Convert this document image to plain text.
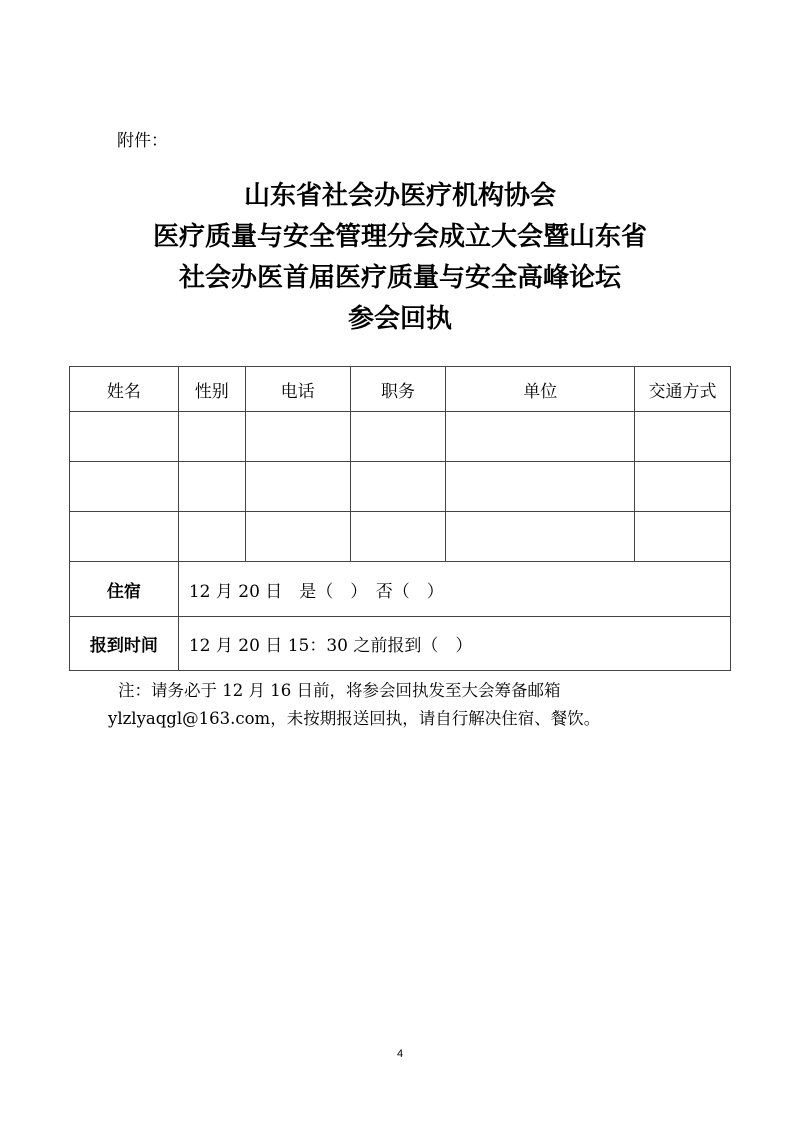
附件：
山东省社会办医疗机构协会
医疗质量与安全管理分会成立大会暨山东省
社会办医首届医疗质量与安全高峰论坛
参会回执
姓名	性别	电话	职务	单位	交通方式

住宿	12 月 20 日　是（　）　否（　）				
报到时间	12 月 20 日 15：30 之前报到（　）				
注：请务必于 12 月 16 日前，将参会回执发至大会筹备邮箱
ylzlyaqgl@163.com，未按期报送回执，请自行解决住宿、餐饮。
4
